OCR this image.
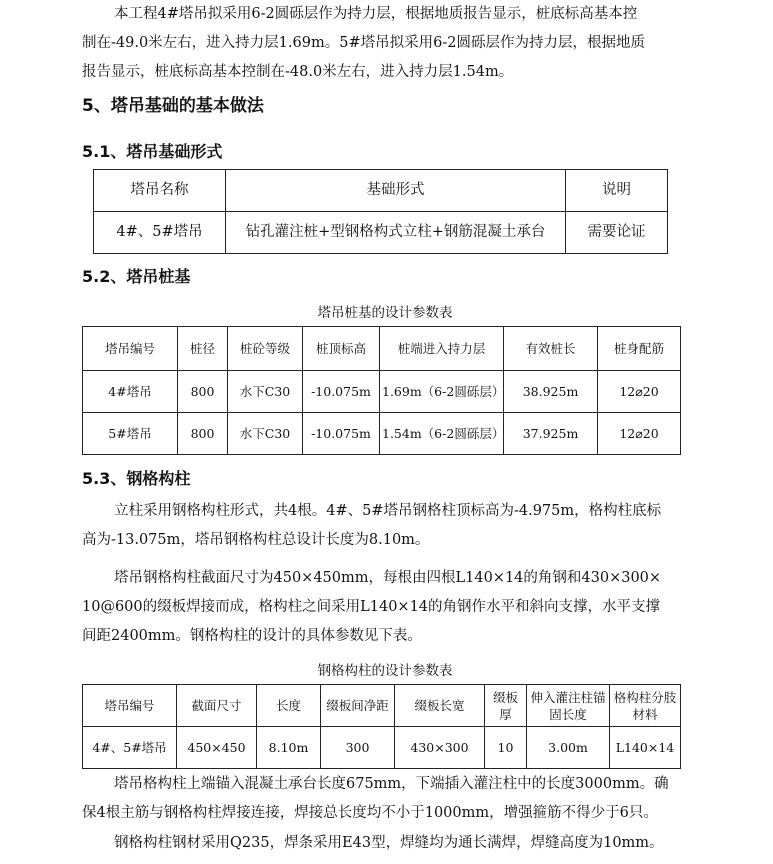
本工程4#塔吊拟采用6-2圆砾层作为持力层，根据地质报告显示，桩底标高基本控
制在-49.0米左右，进入持力层1.69m。5#塔吊拟采用6-2圆砾层作为持力层，根据地质
报告显示，桩底标高基本控制在-48.0米左右，进入持力层1.54m。

5、塔吊基础的基本做法
5.1、塔吊基础形式
塔吊名称	基础形式	说明
4#、5#塔吊	钻孔灌注桩+型钢格构式立柱+钢筋混凝土承台	需要论证
5.2、塔吊桩基

塔吊桩基的设计参数表

塔吊编号	桩径	桩砼等级	桩顶标高	桩端进入持力层	有效桩长	桩身配筋
4#塔吊	800	水下C30	-10.075m	1.69m（6-2圆砾层）	38.925m	12⌀20
5#塔吊	800	水下C30	-10.075m	1.54m（6-2圆砾层）	37.925m	12⌀20
5.3、钢格构柱

立柱采用钢格构柱形式，共4根。4#、5#塔吊钢格柱顶标高为-4.975m，格构柱底标
高为-13.075m，塔吊钢格构柱总设计长度为8.10m。

塔吊钢格构柱截面尺寸为450×450mm，每根由四根L140×14的角钢和430×300×
10@600的缀板焊接而成，格构柱之间采用L140×14的角钢作水平和斜向支撑，水平支撑
间距2400mm。钢格构柱的设计的具体参数见下表。

钢格构柱的设计参数表

塔吊编号	截面尺寸	长度	缀板间净距	缀板长宽	缀板厚	伸入灌注柱锚固长度	格构柱分肢材料
4#、5#塔吊	450×450	8.10m	300	430×300	10	3.00m	L140×14

塔吊格构柱上端锚入混凝土承台长度675mm，下端插入灌注柱中的长度3000mm。确
保4根主筋与钢格构柱焊接连接，焊接总长度均不小于1000mm，增强箍筋不得少于6只。

钢格构柱钢材采用Q235，焊条采用E43型，焊缝均为通长满焊，焊缝高度为10mm。
